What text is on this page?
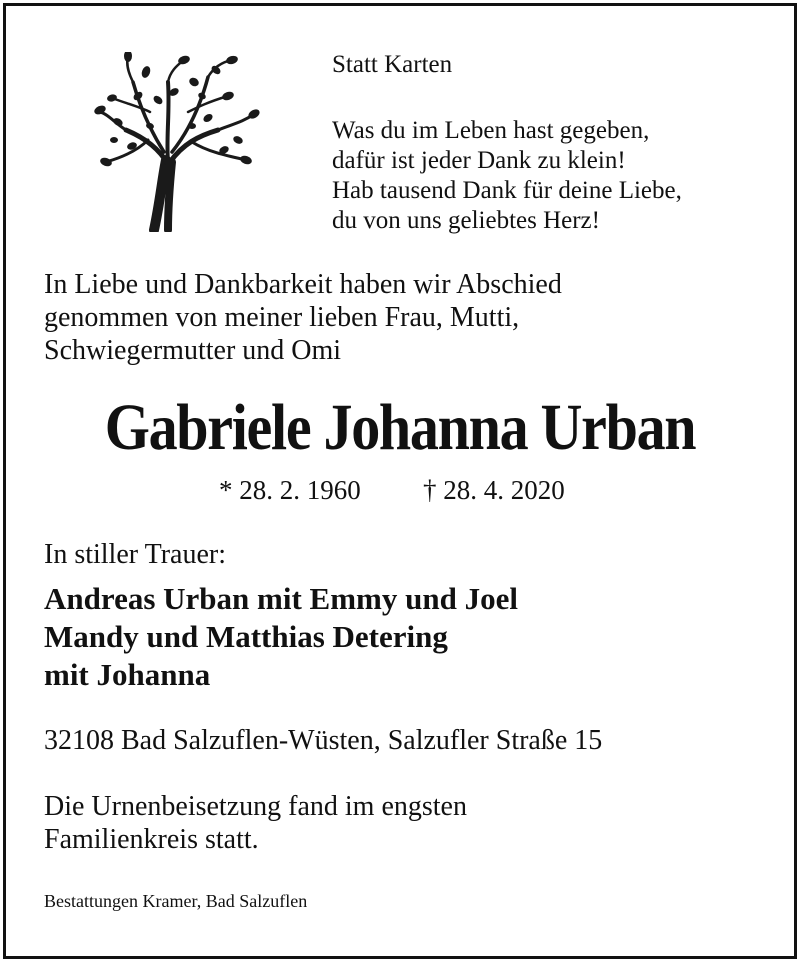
Statt Karten
Was du im Leben hast gegeben,
dafür ist jeder Dank zu klein!
Hab tausend Dank für deine Liebe,
du von uns geliebtes Herz!
In Liebe und Dankbarkeit haben wir Abschied
genommen von meiner lieben Frau, Mutti,
Schwiegermutter und Omi
Gabriele Johanna Urban
* 28. 2. 1960 † 28. 4. 2020
In stiller Trauer:
Andreas Urban mit Emmy und Joel
Mandy und Matthias Detering
mit Johanna
32108 Bad Salzuflen-Wüsten, Salzufler Straße 15
Die Urnenbeisetzung fand im engsten
Familienkreis statt.
Bestattungen Kramer, Bad Salzuflen
